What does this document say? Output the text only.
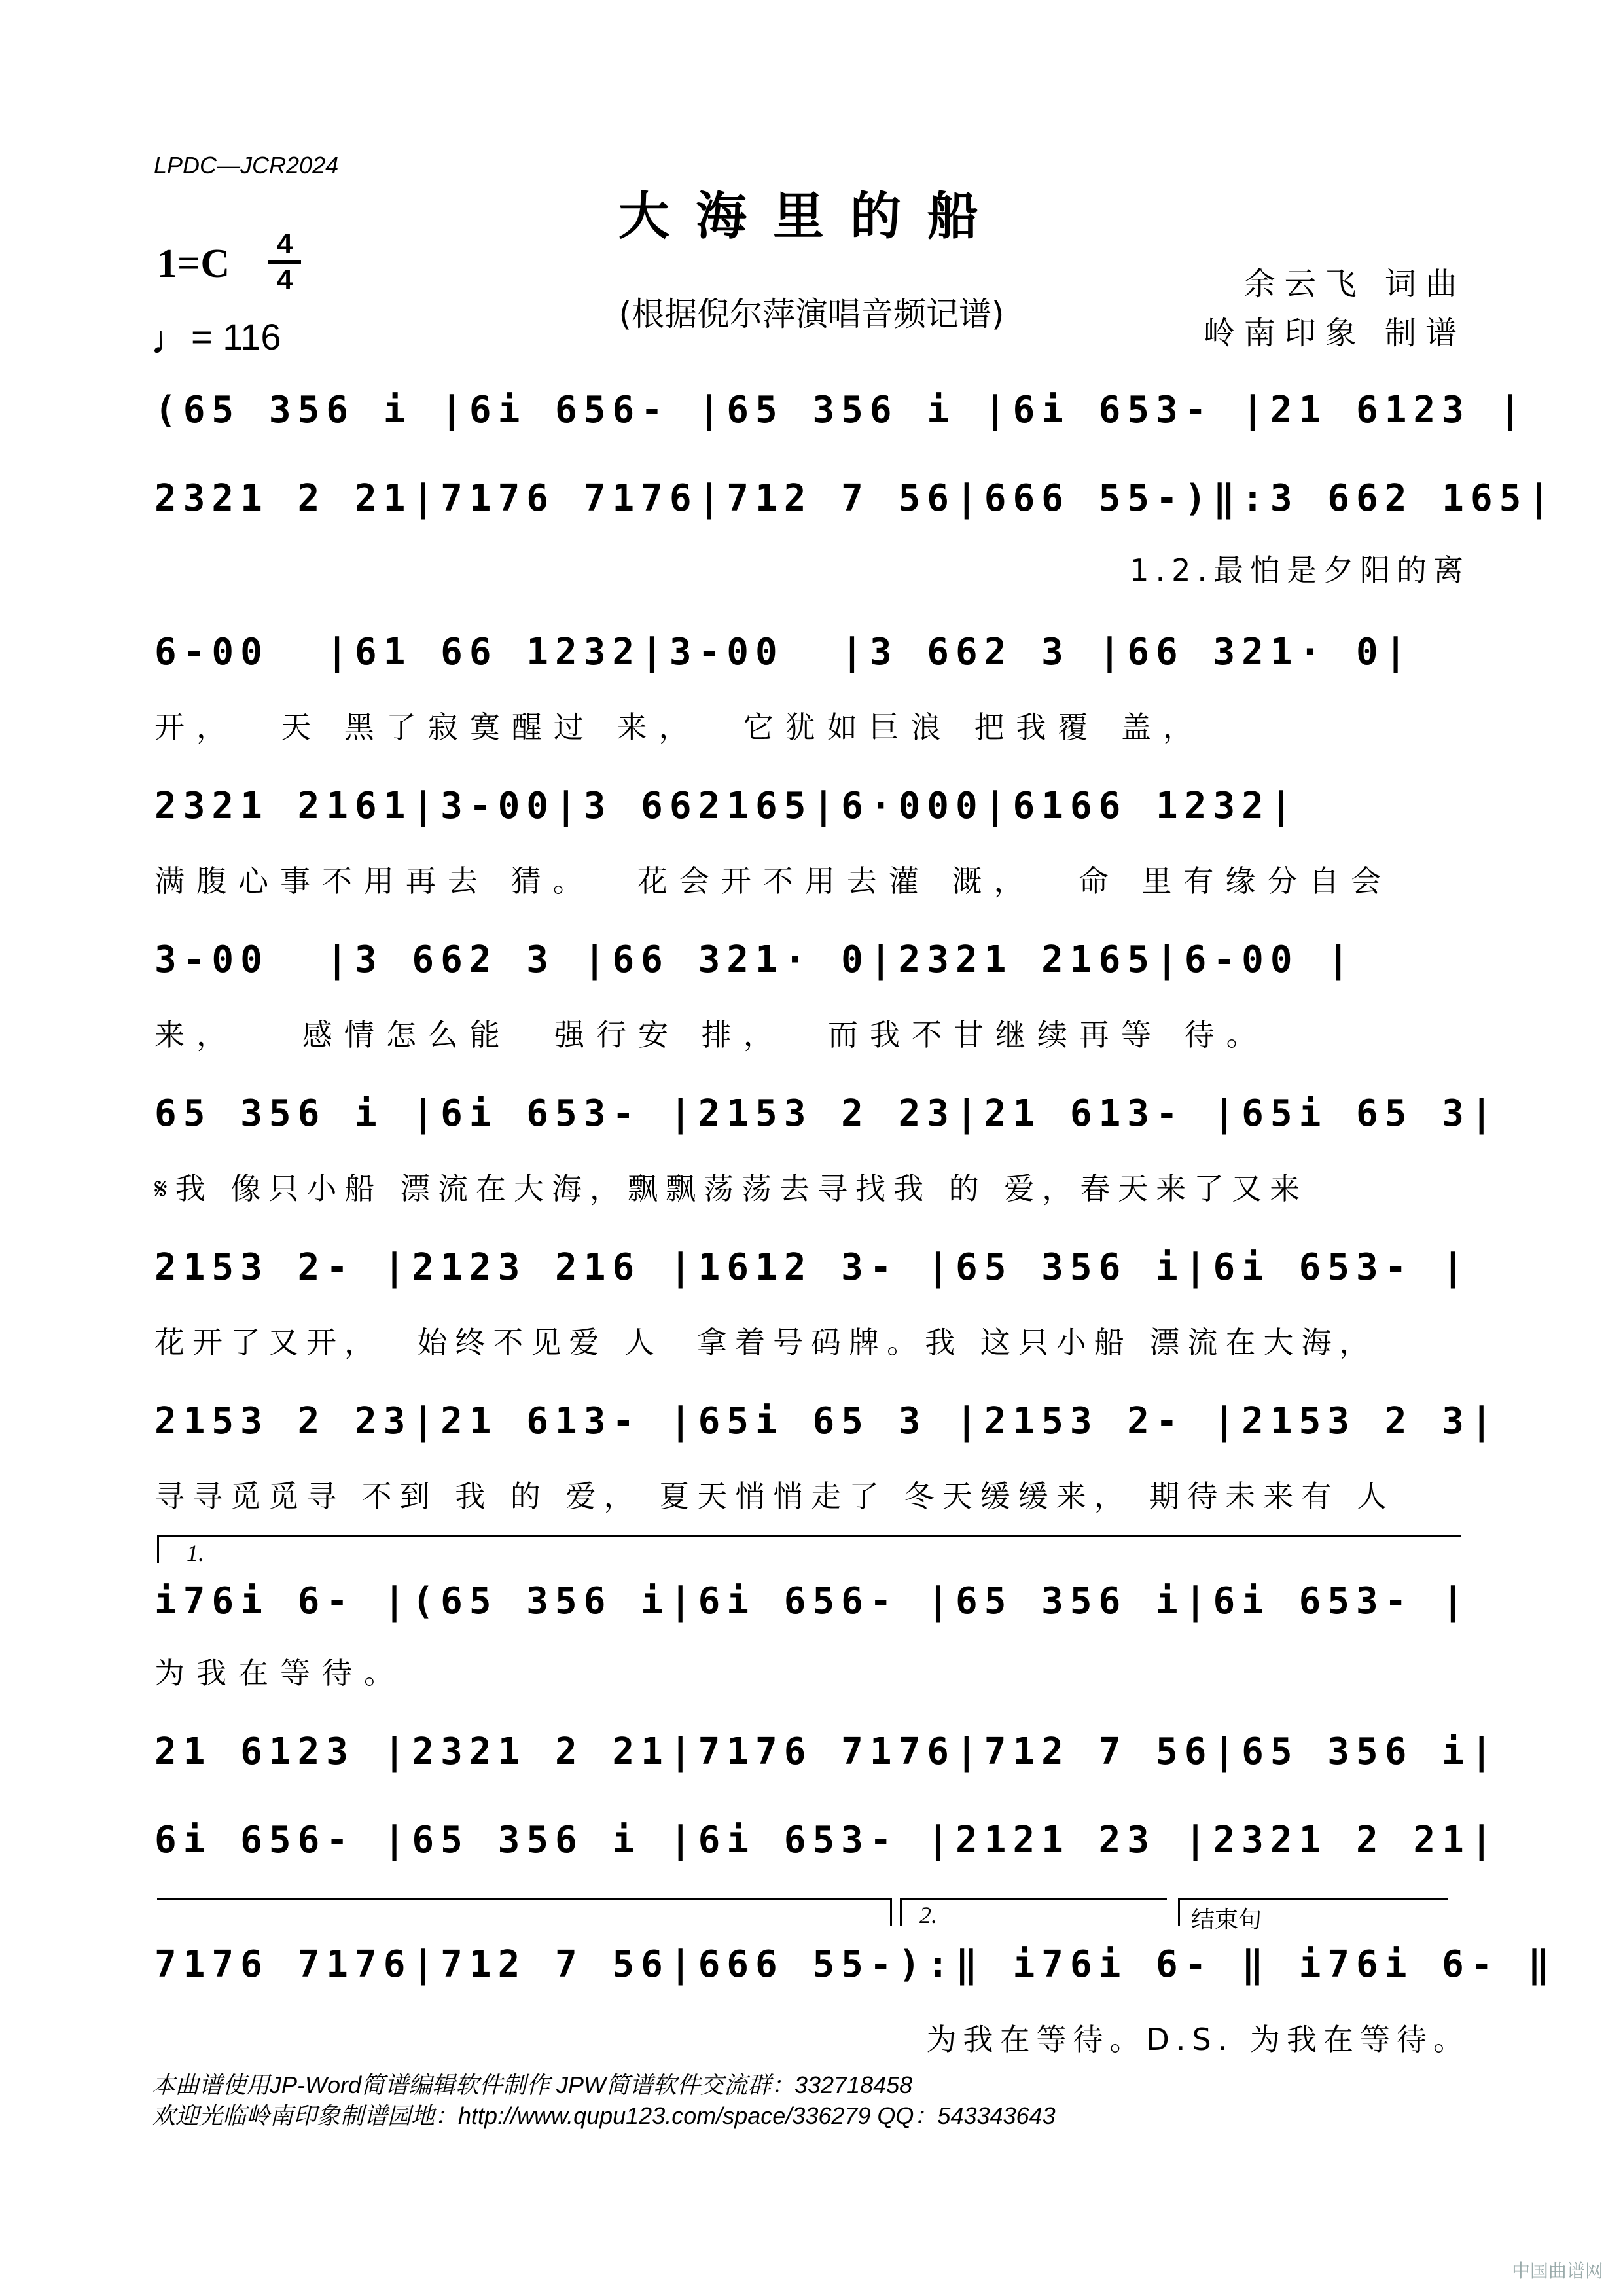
LPDC—JCR2024
大海里的船
1=C 4
4
♩= 116
(根据倪尔萍演唱音频记谱)
余云飞 词曲
岭南印象 制谱
(65 356 i |6i 656- |65 356 i |6i 653- |21 6123 |
2321 2 21|7176 7176|712 7 56|666 55-)‖:3 662 165|
1.2.最怕是夕阳的离
6-00  |61 66 1232|3-00  |3 662 3 |66 321· 0|
开，  天 黑了寂寞醒过 来，  它犹如巨浪 把我覆 盖，
2321 2161|3-00|3 662165|6·000|6166 1232|
满腹心事不用再去 猜。  花会开不用去灌 溉，  命 里有缘分自会
3-00  |3 662 3 |66 321· 0|2321 2165|6-00 |
来，   感情怎么能  强行安 排，  而我不甘继续再等 待。
65 356 i |6i 653- |2153 2 23|21 613- |65i 65 3|
𝄋我 像只小船 漂流在大海，飘飘荡荡去寻找我 的 爱，春天来了又来
2153 2- |2123 216 |1612 3- |65 356 i|6i 653- |
花开了又开，  始终不见爱 人  拿着号码牌。我 这只小船 漂流在大海，
2153 2 23|21 613- |65i 65 3 |2153 2- |2153 2 3|
寻寻觅觅寻 不到 我 的 爱， 夏天悄悄走了 冬天缓缓来， 期待未来有 人
1.
i76i 6- |(65 356 i|6i 656- |65 356 i|6i 653- |
为我在等待。
21 6123 |2321 2 21|7176 7176|712 7 56|65 356 i|
6i 656- |65 356 i |6i 653- |2121 23 |2321 2 21|
2.	结束句
7176 7176|712 7 56|666 55-):‖ i76i 6- ‖ i76i 6- ‖
为我在等待。D.S. 为我在等待。
本曲谱使用JP-Word简谱编辑软件制作 JPW简谱软件交流群：332718458
欢迎光临岭南印象制谱园地：http://www.qupu123.com/space/336279 QQ：543343643
中国曲谱网
